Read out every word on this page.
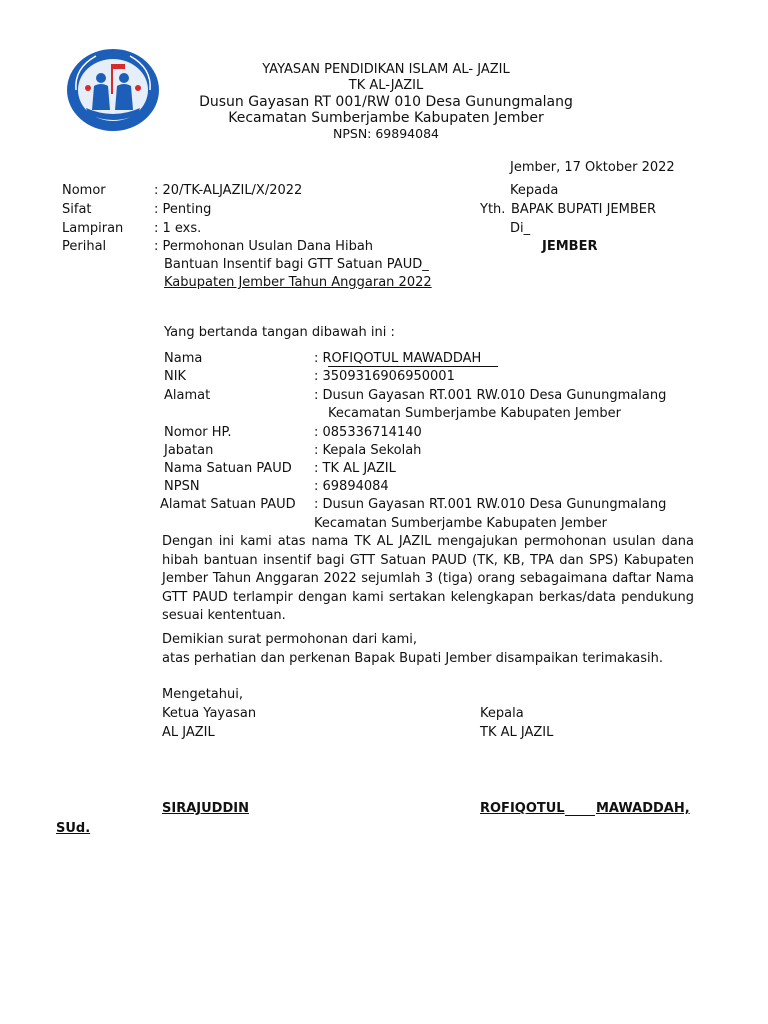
YAYASAN PENDIDIKAN ISLAM AL- JAZIL
TK AL-JAZIL
Dusun Gayasan RT 001/RW 010 Desa Gunungmalang
Kecamatan Sumberjambe Kabupaten Jember
NPSN: 69894084
Jember, 17 Oktober 2022
Nomor	: 20/TK-ALJAZIL/X/2022
Sifat	: Penting
Lampiran : 1 exs.
Perihal	: Permohonan Usulan Dana Hibah
Bantuan Insentif bagi GTT Satuan PAUD_
Kabupaten Jember Tahun Anggaran 2022
Kepada
Yth. BAPAK BUPATI JEMBER
Di_
JEMBER
Yang bertanda tangan dibawah ini :
Nama	: ROFIQOTUL MAWADDAH
NIK	: 3509316906950001
Alamat	: Dusun Gayasan RT.001 RW.010 Desa Gunungmalang
Kecamatan Sumberjambe Kabupaten Jember
Nomor HP.	: 085336714140
Jabatan	: Kepala Sekolah
Nama Satuan PAUD : TK AL JAZIL
NPSN	: 69894084
Alamat Satuan PAUD : Dusun Gayasan RT.001 RW.010 Desa Gunungmalang
Kecamatan Sumberjambe Kabupaten Jember
Dengan ini kami atas nama TK AL JAZIL mengajukan permohonan usulan dana hibah bantuan insentif bagi GTT Satuan PAUD (TK, KB, TPA dan SPS) Kabupaten Jember Tahun Anggaran 2022 sejumlah 3 (tiga) orang sebagaimana daftar Nama GTT PAUD terlampir dengan kami sertakan kelengkapan berkas/data pendukung sesuai kententuan.
Demikian surat permohonan dari kami,
atas perhatian dan perkenan Bapak Bupati Jember disampaikan terimakasih.
Mengetahui,
Ketua Yayasan
AL JAZIL
Kepala
TK AL JAZIL
SIRAJUDDIN	ROFIQOTUL MAWADDAH,
SUd.
